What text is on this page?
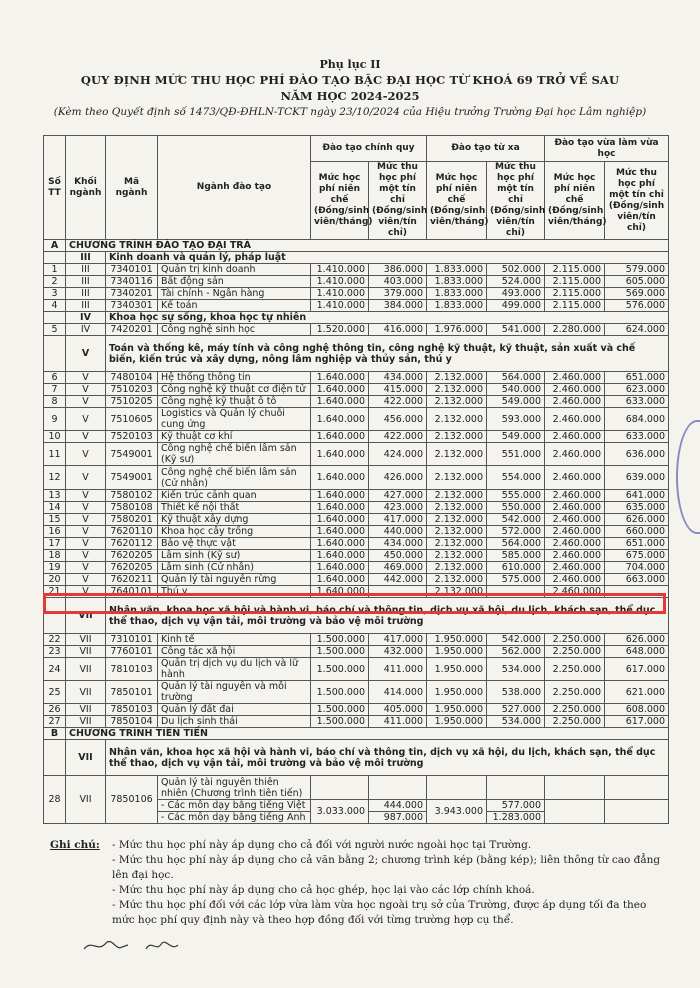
Phụ lục II
QUY ĐỊNH MỨC THU HỌC PHÍ ĐÀO TẠO BẬC ĐẠI HỌC TỪ KHOÁ 69 TRỞ VỀ SAU
NĂM HỌC 2024-2025
(Kèm theo Quyết định số 1473/QĐ-ĐHLN-TCKT ngày 23/10/2024 của Hiệu trưởng Trường Đại học Lâm nghiệp)
Số TT	Khối ngành	Mã ngành	Ngành đào tạo	Đào tạo chính quy		Đào tạo từ xa		Đào tạo vừa làm vừa học	
				Mức học phí niên chế (Đồng/sinh viên/tháng)	Mức thu học phí một tín chỉ (Đồng/sinh viên/tín chỉ)	Mức học phí niên chế (Đồng/sinh viên/tháng)	Mức thu học phí một tín chỉ (Đồng/sinh viên/tín chỉ)	Mức học phí niên chế (Đồng/sinh viên/tháng)	Mức thu học phí một tín chỉ (Đồng/sinh viên/tín chỉ)
A	CHƯƠNG TRÌNH ĐÀO TẠO ĐẠI TRÀ								
	III	Kinh doanh và quản lý, pháp luật							
1	III	7340101	Quản trị kinh doanh	1.410.000	386.000	1.833.000	502.000	2.115.000	579.000
2	III	7340116	Bất động sản	1.410.000	403.000	1.833.000	524.000	2.115.000	605.000
3	III	7340201	Tài chính - Ngân hàng	1.410.000	379.000	1.833.000	493.000	2.115.000	569.000
4	III	7340301	Kế toán	1.410.000	384.000	1.833.000	499.000	2.115.000	576.000
	IV	Khoa học sự sống, khoa học tự nhiên							
5	IV	7420201	Công nghệ sinh học	1.520.000	416.000	1.976.000	541.000	2.280.000	624.000
	V	Toán và thống kê, máy tính và công nghệ thông tin, công nghệ kỹ thuật, kỹ thuật, sản xuất và chế biến, kiến trúc và xây dựng, nông lâm nghiệp và thủy sản, thú y							
6	V	7480104	Hệ thống thông tin	1.640.000	434.000	2.132.000	564.000	2.460.000	651.000
7	V	7510203	Công nghệ kỹ thuật cơ điện tử	1.640.000	415.000	2.132.000	540.000	2.460.000	623.000
8	V	7510205	Công nghệ kỹ thuật ô tô	1.640.000	422.000	2.132.000	549.000	2.460.000	633.000
9	V	7510605	Logistics và Quản lý chuỗi cung ứng	1.640.000	456.000	2.132.000	593.000	2.460.000	684.000
10	V	7520103	Kỹ thuật cơ khí	1.640.000	422.000	2.132.000	549.000	2.460.000	633.000
11	V	7549001	Công nghệ chế biến lâm sản (Kỹ sư)	1.640.000	424.000	2.132.000	551.000	2.460.000	636.000
12	V	7549001	Công nghệ chế biến lâm sản (Cử nhân)	1.640.000	426.000	2.132.000	554.000	2.460.000	639.000
13	V	7580102	Kiến trúc cảnh quan	1.640.000	427.000	2.132.000	555.000	2.460.000	641.000
14	V	7580108	Thiết kế nội thất	1.640.000	423.000	2.132.000	550.000	2.460.000	635.000
15	V	7580201	Kỹ thuật xây dựng	1.640.000	417.000	2.132.000	542.000	2.460.000	626.000
16	V	7620110	Khoa học cây trồng	1.640.000	440.000	2.132.000	572.000	2.460.000	660.000
17	V	7620112	Bảo vệ thực vật	1.640.000	434.000	2.132.000	564.000	2.460.000	651.000
18	V	7620205	Lâm sinh (Kỹ sư)	1.640.000	450.000	2.132.000	585.000	2.460.000	675.000
19	V	7620205	Lâm sinh (Cử nhân)	1.640.000	469.000	2.132.000	610.000	2.460.000	704.000
20	V	7620211	Quản lý tài nguyên rừng	1.640.000	442.000	2.132.000	575.000	2.460.000	663.000
21	V	7640101	Thú y	1.640.000		2.132.000		2.460.000	
	VII	Nhân văn, khoa học xã hội và hành vi, báo chí và thông tin, dịch vụ xã hội, du lịch, khách sạn, thể dục thể thao, dịch vụ vận tải, môi trường và bảo vệ môi trường							
22	VII	7310101	Kinh tế	1.500.000	417.000	1.950.000	542.000	2.250.000	626.000
23	VII	7760101	Công tác xã hội	1.500.000	432.000	1.950.000	562.000	2.250.000	648.000
24	VII	7810103	Quản trị dịch vụ du lịch và lữ hành	1.500.000	411.000	1.950.000	534.000	2.250.000	617.000
25	VII	7850101	Quản lý tài nguyên và môi trường	1.500.000	414.000	1.950.000	538.000	2.250.000	621.000
26	VII	7850103	Quản lý đất đai	1.500.000	405.000	1.950.000	527.000	2.250.000	608.000
27	VII	7850104	Du lịch sinh thái	1.500.000	411.000	1.950.000	534.000	2.250.000	617.000
B	CHƯƠNG TRÌNH TIÊN TIẾN								
	VII	Nhân văn, khoa học xã hội và hành vi, báo chí và thông tin, dịch vụ xã hội, du lịch, khách sạn, thể dục thể thao, dịch vụ vận tải, môi trường và bảo vệ môi trường							
28	VII	7850106	Quản lý tài nguyên thiên nhiên (Chương trình tiên tiến)						
			- Các môn dạy bằng tiếng Việt	3.033.000	444.000	3.943.000	577.000		
			- Các môn dạy bằng tiếng Anh		987.000		1.283.000		
Ghi chú: - Mức thu học phí này áp dụng cho cả đối với người nước ngoài học tại Trường.
- Mức thu học phí này áp dụng cho cả văn bằng 2; chương trình kép (bằng kép); liên thông từ cao đẳng lên đại học.
- Mức thu học phí này áp dụng cho cả học ghép, học lại vào các lớp chính khoá.
- Mức thu học phí đối với các lớp vừa làm vừa học ngoài trụ sở của Trường, được áp dụng tối đa theo mức học phí quy định này và theo hợp đồng đối với từng trường hợp cụ thể.
